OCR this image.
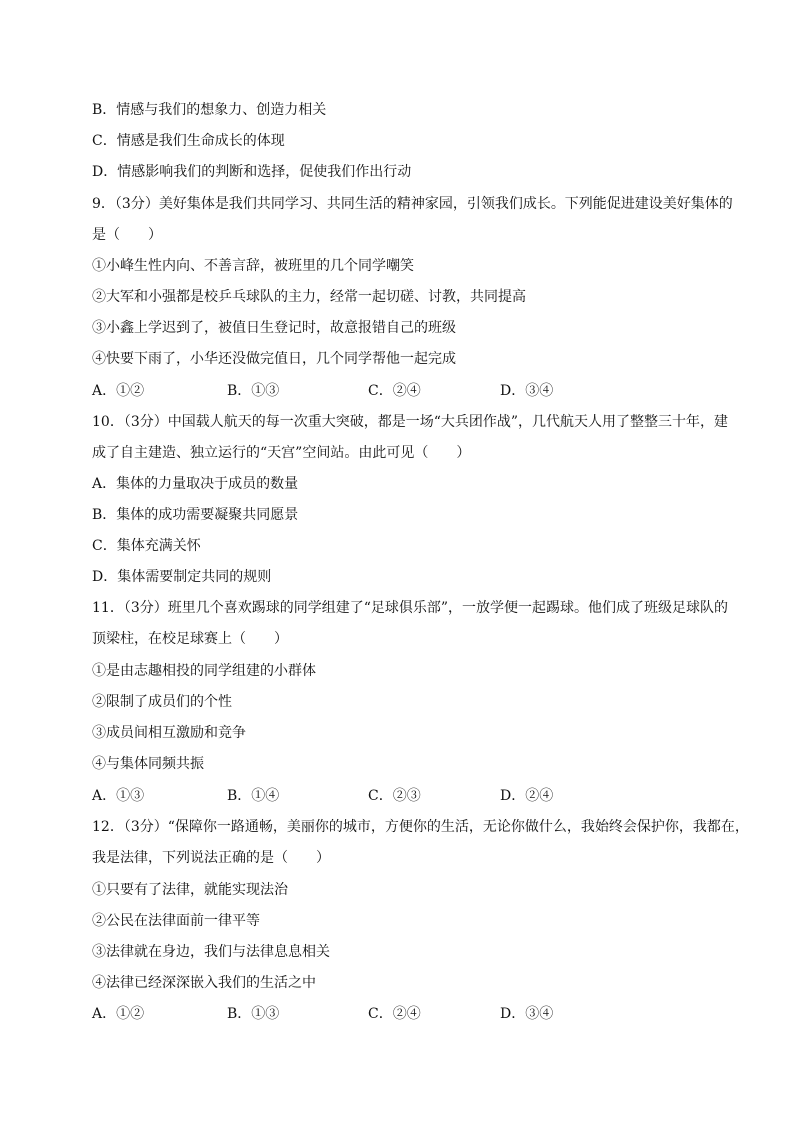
B．情感与我们的想象力、创造力相关
C．情感是我们生命成长的体现
D．情感影响我们的判断和选择，促使我们作出行动
9．（3分）美好集体是我们共同学习、共同生活的精神家园，引领我们成长。下列能促进建设美好集体的
是（　　）
①小峰生性内向、不善言辞，被班里的几个同学嘲笑
②大军和小强都是校乒乓球队的主力，经常一起切磋、讨教，共同提高
③小鑫上学迟到了，被值日生登记时，故意报错自己的班级
④快要下雨了，小华还没做完值日，几个同学帮他一起完成
A．①②	B．①③	C．②④	D．③④
10．（3分）中国载人航天的每一次重大突破，都是一场“大兵团作战”，几代航天人用了整整三十年，建
成了自主建造、独立运行的“天宫”空间站。由此可见（　　）
A．集体的力量取决于成员的数量
B．集体的成功需要凝聚共同愿景
C．集体充满关怀
D．集体需要制定共同的规则
11．（3分）班里几个喜欢踢球的同学组建了“足球俱乐部”，一放学便一起踢球。他们成了班级足球队的
顶梁柱，在校足球赛上（　　）
①是由志趣相投的同学组建的小群体
②限制了成员们的个性
③成员间相互激励和竞争
④与集体同频共振
A．①③	B．①④	C．②③	D．②④
12．（3分）“保障你一路通畅，美丽你的城市，方便你的生活，无论你做什么，我始终会保护你，我都在，
我是法律，下列说法正确的是（　　）
①只要有了法律，就能实现法治
②公民在法律面前一律平等
③法律就在身边，我们与法律息息相关
④法律已经深深嵌入我们的生活之中
A．①②	B．①③	C．②④	D．③④
